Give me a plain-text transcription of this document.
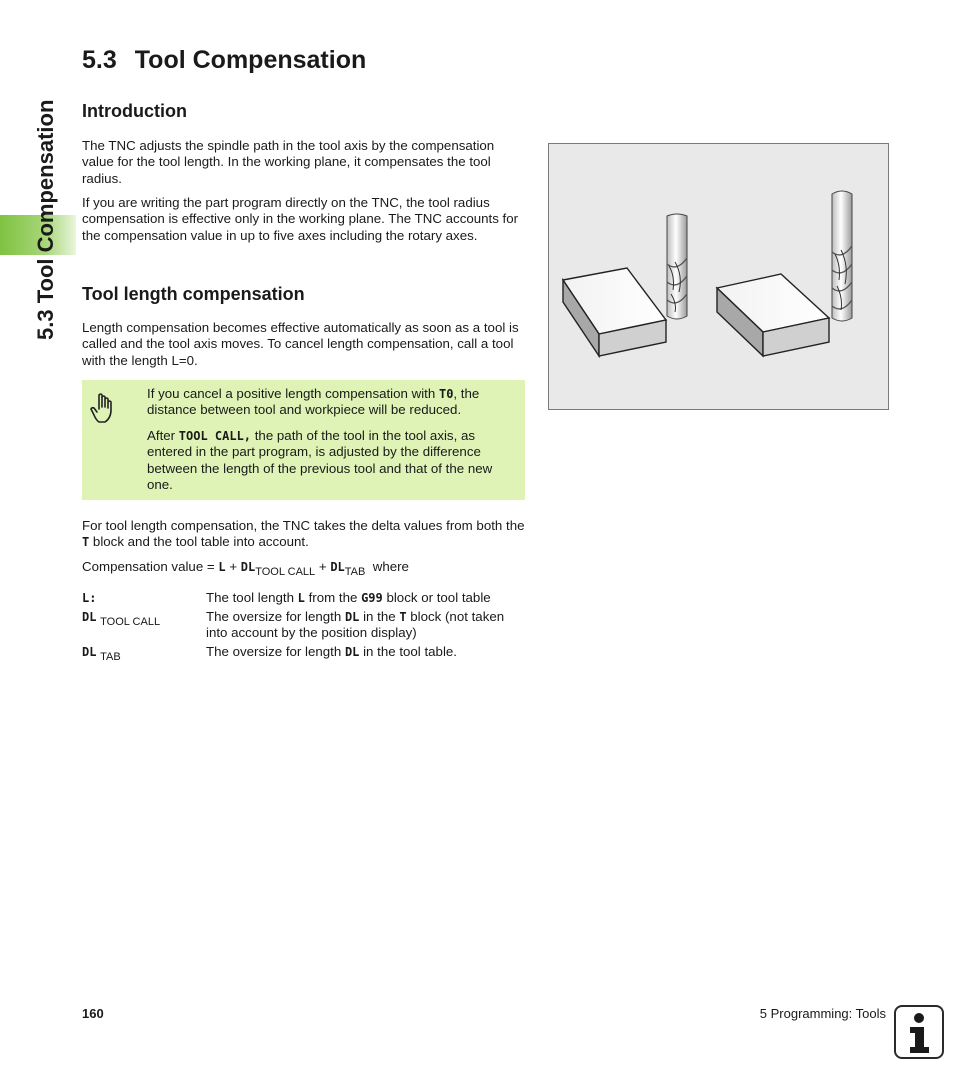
5.3 Tool Compensation
5.3 Tool Compensation
Introduction

The TNC adjusts the spindle path in the tool axis by the compensation value for the tool length. In the working plane, it compensates the tool radius.

If you are writing the part program directly on the TNC, the tool radius compensation is effective only in the working plane. The TNC accounts for the compensation value in up to five axes including the rotary axes.

Tool length compensation

Length compensation becomes effective automatically as soon as a tool is called and the tool axis moves. To cancel length compensation, call a tool with the length L=0.

If you cancel a positive length compensation with T0, the distance between tool and workpiece will be reduced.

After TOOL CALL, the path of the tool in the tool axis, as entered in the part program, is adjusted by the difference between the length of the previous tool and that of the new one.

For tool length compensation, the TNC takes the delta values from both the T block and the tool table into account.

Compensation value = $L + DL_{TOOL CALL} + DL_{TAB}$ where

L:	The tool length L from the G99 block or tool table
DL $_{TOOL CALL}$	The oversize for length DL in the T block (not taken into account by the position display)
DL $_{TAB}$	The oversize for length DL in the tool table.
160	5 Programming: Tools
